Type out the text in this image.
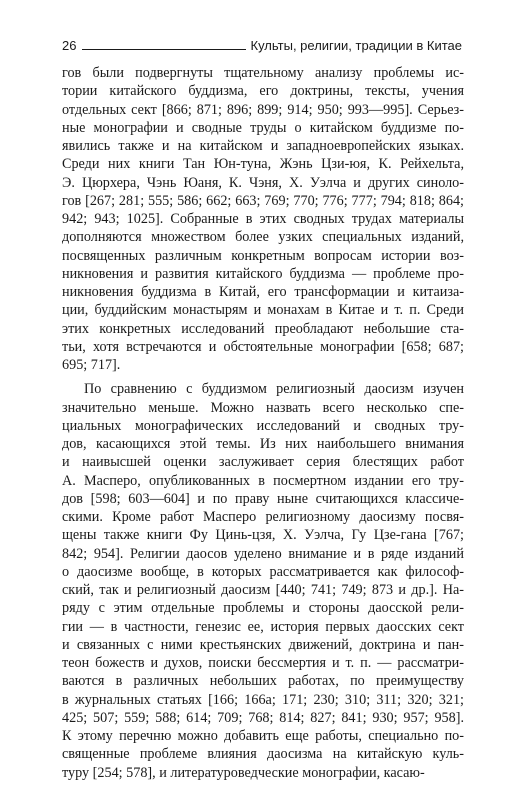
26	Культы, религии, традиции в Китае
гов были подвергнуты тщательному анализу проблемы ис-
тории китайского буддизма, его доктрины, тексты, учения
отдельных сект [866; 871; 896; 899; 914; 950; 993—995]. Серьез-
ные монографии и сводные труды о китайском буддизме по-
явились также и на китайском и западноевропейских языках.
Среди них книги Тан Юн-туна, Жэнь Цзи-юя, К. Рейхельта,
Э. Цюрхера, Чэнь Юаня, К. Чэня, Х. Уэлча и других синоло-
гов [267; 281; 555; 586; 662; 663; 769; 770; 776; 777; 794; 818; 864;
942; 943; 1025]. Собранные в этих сводных трудах материалы
дополняются множеством более узких специальных изданий,
посвященных различным конкретным вопросам истории воз-
никновения и развития китайского буддизма — проблеме про-
никновения буддизма в Китай, его трансформации и китаиза-
ции, буддийским монастырям и монахам в Китае и т. п. Среди
этих конкретных исследований преобладают небольшие ста-
тьи, хотя встречаются и обстоятельные монографии [658; 687;
695; 717].
По сравнению с буддизмом религиозный даосизм изучен
значительно меньше. Можно назвать всего несколько спе-
циальных монографических исследований и сводных тру-
дов, касающихся этой темы. Из них наибольшего внимания
и наивысшей оценки заслуживает серия блестящих работ
А. Масперо, опубликованных в посмертном издании его тру-
дов [598; 603—604] и по праву ныне считающихся классиче-
скими. Кроме работ Масперо религиозному даосизму посвя-
щены также книги Фу Цинь-цзя, Х. Уэлча, Гу Цзе-гана [767;
842; 954]. Религии даосов уделено внимание и в ряде изданий
о даосизме вообще, в которых рассматривается как философ-
ский, так и религиозный даосизм [440; 741; 749; 873 и др.]. На-
ряду с этим отдельные проблемы и стороны даосской рели-
гии — в частности, генезис ее, история первых даосских сект
и связанных с ними крестьянских движений, доктрина и пан-
теон божеств и духов, поиски бессмертия и т. п. — рассматри-
ваются в различных небольших работах, по преимуществу
в журнальных статьях [166; 166а; 171; 230; 310; 311; 320; 321;
425; 507; 559; 588; 614; 709; 768; 814; 827; 841; 930; 957; 958].
К этому перечню можно добавить еще работы, специально по-
священные проблеме влияния даосизма на китайскую куль-
туру [254; 578], и литературоведческие монографии, касаю-
